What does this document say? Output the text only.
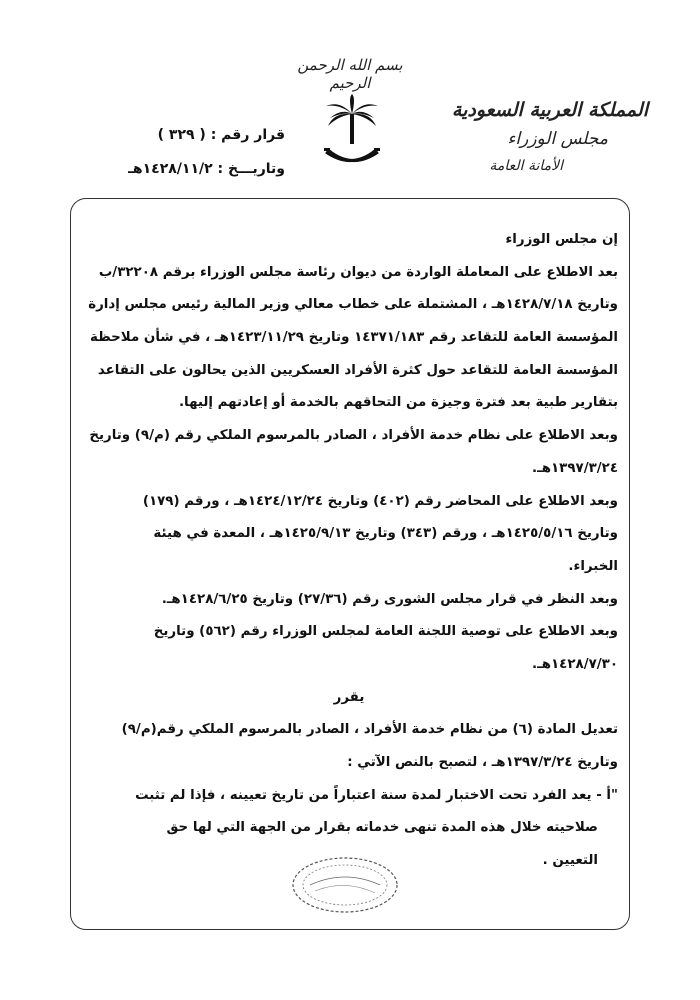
بسم الله الرحمن الرحيم
المملكة العربية السعودية
مجلس الوزراء
الأمانة العامة
قرار رقم : ( ٣٢٩ )
وتاريـــخ : ١٤٢٨/١١/٢هـ
إن مجلس الوزراء
بعد الاطلاع على المعاملة الواردة من ديوان رئاسة مجلس الوزراء برقم ٣٢٢٠٨/ب
وتاريخ ١٤٢٨/٧/١٨هـ ، المشتملة على خطاب معالي وزير المالية رئيس مجلس إدارة
المؤسسة العامة للتقاعد رقم ١٤٣٧١/١٨٣ وتاريخ ١٤٢٣/١١/٢٩هـ ، في شأن ملاحظة
المؤسسة العامة للتقاعد حول كثرة الأفراد العسكريين الذين يحالون على التقاعد
بتقارير طبية بعد فترة وجيزة من التحاقهم بالخدمة أو إعادتهم إليها.
وبعد الاطلاع على نظام خدمة الأفراد ، الصادر بالمرسوم الملكي رقم (م/٩) وتاريخ
١٣٩٧/٣/٢٤هـ.
وبعد الاطلاع على المحاضر رقم (٤٠٢) وتاريخ ١٤٢٤/١٢/٢٤هـ ، ورقم (١٧٩)
وتاريخ ١٤٢٥/٥/١٦هـ ، ورقم (٣٤٣) وتاريخ ١٤٢٥/٩/١٣هـ ، المعدة في هيئة
الخبراء.
وبعد النظر في قرار مجلس الشورى رقم (٢٧/٣٦) وتاريخ ١٤٢٨/٦/٢٥هـ.
وبعد الاطلاع على توصية اللجنة العامة لمجلس الوزراء رقم (٥٦٢) وتاريخ
١٤٢٨/٧/٣٠هـ.
يقرر
تعديل المادة (٦) من نظام خدمة الأفراد ، الصادر بالمرسوم الملكي رقم(م/٩)
وتاريخ ١٣٩٧/٣/٢٤هـ ، لتصبح بالنص الآتي :
"أ - يعد الفرد تحت الاختبار لمدة سنة اعتباراً من تاريخ تعيينه ، فإذا لم تثبت
صلاحيته خلال هذه المدة تنهى خدماته بقرار من الجهة التي لها حق
التعيين .
